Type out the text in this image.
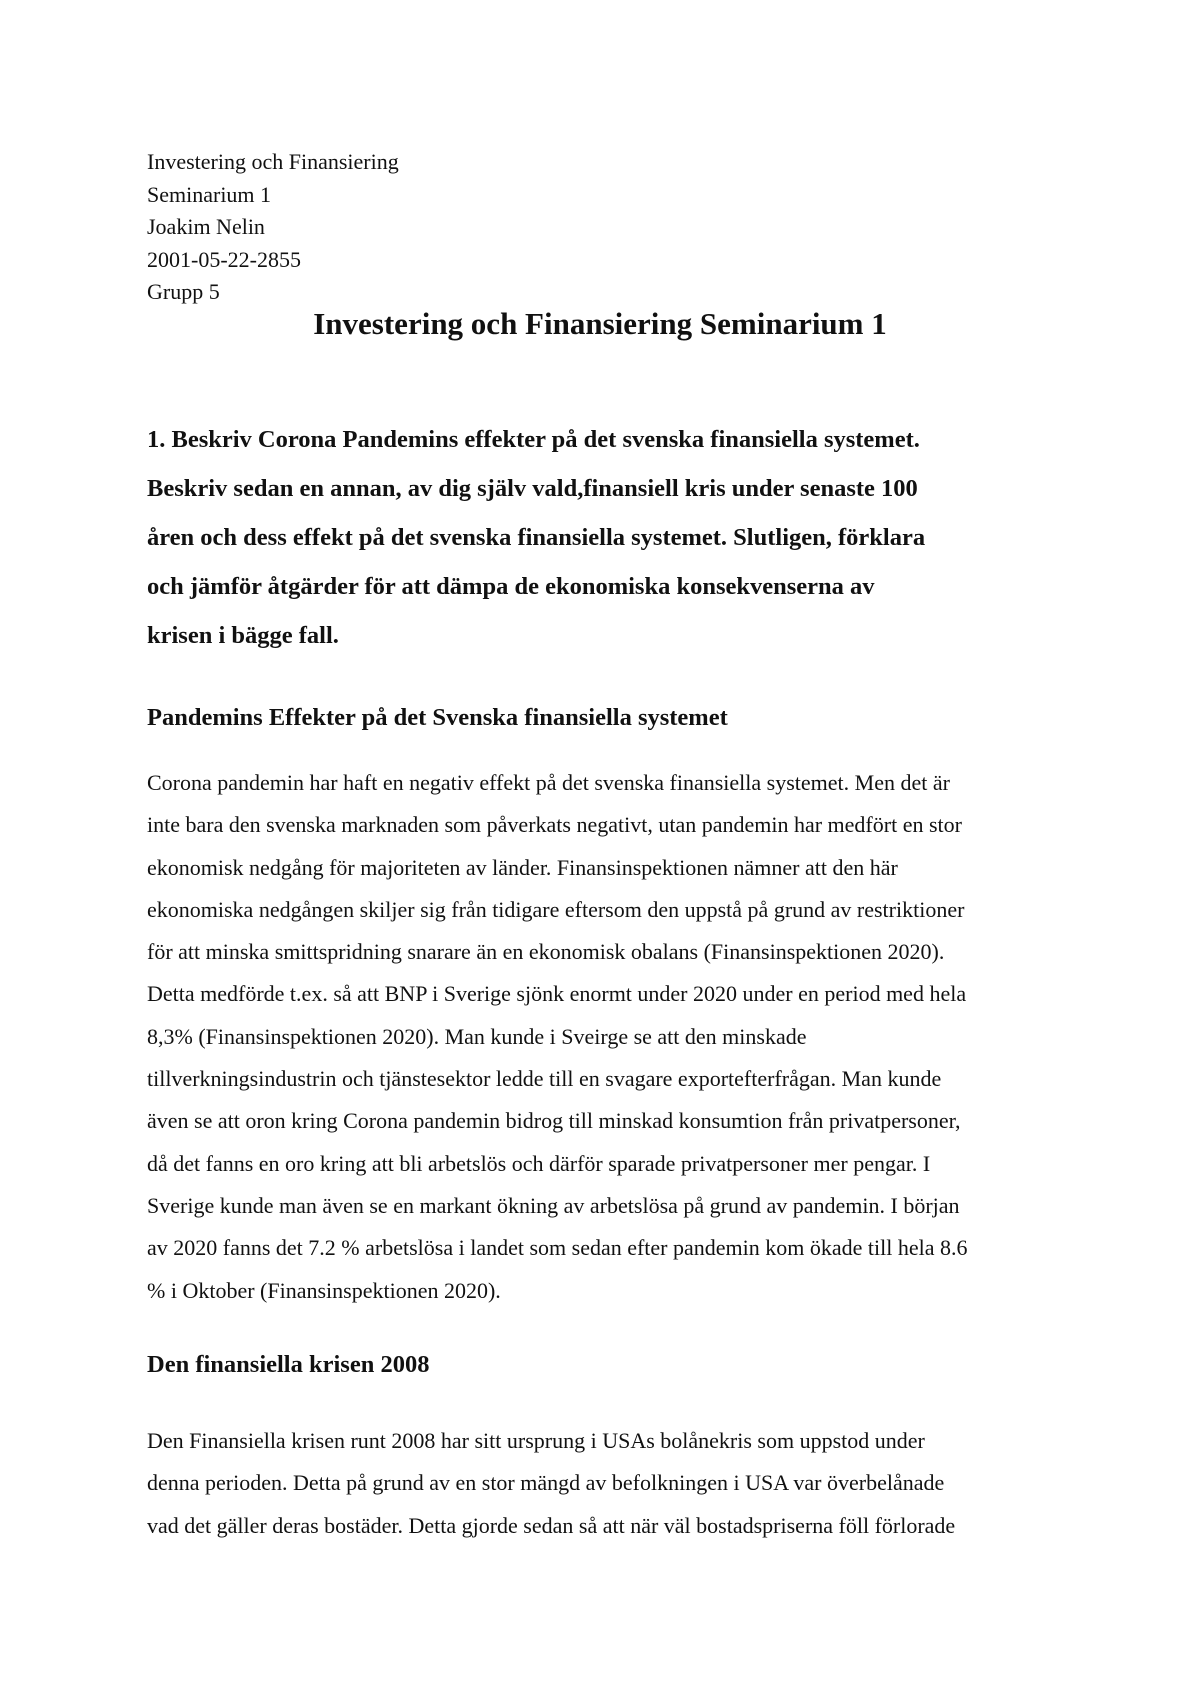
Investering och Finansiering
Seminarium 1
Joakim Nelin
2001-05-22-2855
Grupp 5
Investering och Finansiering Seminarium 1
1. Beskriv Corona Pandemins effekter på det svenska finansiella systemet.
Beskriv sedan en annan, av dig själv vald,finansiell kris under senaste 100
åren och dess effekt på det svenska finansiella systemet. Slutligen, förklara
och jämför åtgärder för att dämpa de ekonomiska konsekvenserna av
krisen i bägge fall.
Pandemins Effekter på det Svenska finansiella systemet
Corona pandemin har haft en negativ effekt på det svenska finansiella systemet. Men det är
inte bara den svenska marknaden som påverkats negativt, utan pandemin har medfört en stor
ekonomisk nedgång för majoriteten av länder. Finansinspektionen nämner att den här
ekonomiska nedgången skiljer sig från tidigare eftersom den uppstå på grund av restriktioner
för att minska smittspridning snarare än en ekonomisk obalans (Finansinspektionen 2020).
Detta medförde t.ex. så att BNP i Sverige sjönk enormt under 2020 under en period med hela
8,3% (Finansinspektionen 2020). Man kunde i Sveirge se att den minskade
tillverkningsindustrin och tjänstesektor ledde till en svagare exportefterfrågan. Man kunde
även se att oron kring Corona pandemin bidrog till minskad konsumtion från privatpersoner,
då det fanns en oro kring att bli arbetslös och därför sparade privatpersoner mer pengar. I
Sverige kunde man även se en markant ökning av arbetslösa på grund av pandemin. I början
av 2020 fanns det 7.2 % arbetslösa i landet som sedan efter pandemin kom ökade till hela 8.6
% i Oktober (Finansinspektionen 2020).
Den finansiella krisen 2008
Den Finansiella krisen runt 2008 har sitt ursprung i USAs bolånekris som uppstod under
denna perioden. Detta på grund av en stor mängd av befolkningen i USA var överbelånade
vad det gäller deras bostäder. Detta gjorde sedan så att när väl bostadspriserna föll förlorade
